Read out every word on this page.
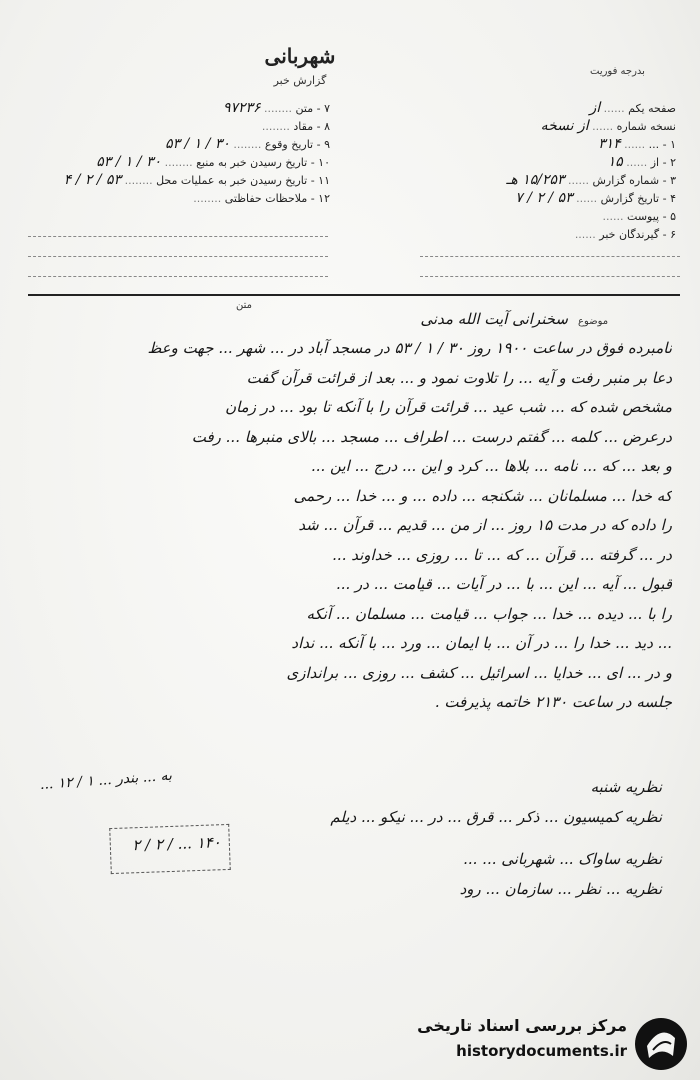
شهربانی
گزارش خبر
بدرجه فوریت
۷ - متن ........ ۹۷۲۳۶
۸ - مقاد ........
۹ - تاریخ وقوع ........ ۳۰ / ۱ / ۵۳
۱۰ - تاریخ رسیدن خبر به منبع ........ ۳۰ / ۱ / ۵۳
۱۱ - تاریخ رسیدن خبر به عملیات محل ........ ۵۳ / ۲ / ۴
۱۲ - ملاحظات حفاظتی ........
صفحه یکم ...... از
نسخه شماره ...... از نسخه
۱ - ... ...... ۳۱۴
۲ - از ...... ۱۵
۳ - شماره گزارش ...... ۱۵/۲۵۳ هـ
۴ - تاریخ گزارش ...... ۵۳ / ۲ / ۷
۵ - پیوست ......
۶ - گیرندگان خبر ......
متن
موضوع
سخنرانی آیت الله مدنی
نامبرده فوق در ساعت ۱۹۰۰ روز ۳۰ / ۱ / ۵۳ در مسجد آباد در ... شهر ... جهت وعظ
دعا بر منبر رفت و آیه ... را تلاوت نمود و ... بعد از قرائت قرآن گفت
مشخص شده که ... شب عید ... قرائت قرآن را با آنکه تا بود ... در زمان
درعرض ... کلمه ... گفتم درست ... اطراف ... مسجد ... بالای منبرها ... رفت
و بعد ... که ... نامه ... بلاها ... کرد و این ... درج ... این ...
که خدا ... مسلمانان ... شکنجه ... داده ... و ... خدا ... رحمی
را داده که در مدت ۱۵ روز ... از من ... قدیم ... قرآن ... شد
در ... گرفته ... قرآن ... که ... تا ... روزی ... خداوند ...
قبول ... آیه ... این ... با ... در آیات ... قیامت ... در ...
را با ... دیده ... خدا ... جواب ... قیامت ... مسلمان ... آنکه
... دید ... خدا را ... در آن ... با ایمان ... ورد ... با آنکه ... نداد
و در ... ای ... خدایا ... اسرائیل ... کشف ... روزی ... براندازی
جلسه در ساعت ۲۱۳۰ خاتمه پذیرفت .
نظریه شنبه
نظریه کمیسیون ... ذکر ... قرق ... در ... نیکو ... دیلم
نظریه ساواک ... شهربانی ... ...
نظریه ... نظر ... سازمان ... رود
به ... بندر ... ۱ / ۱۲ ...
۱۴۰ ... / ۲ / ۲
مرکز بررسی اسناد تاریخی
historydocuments.ir
